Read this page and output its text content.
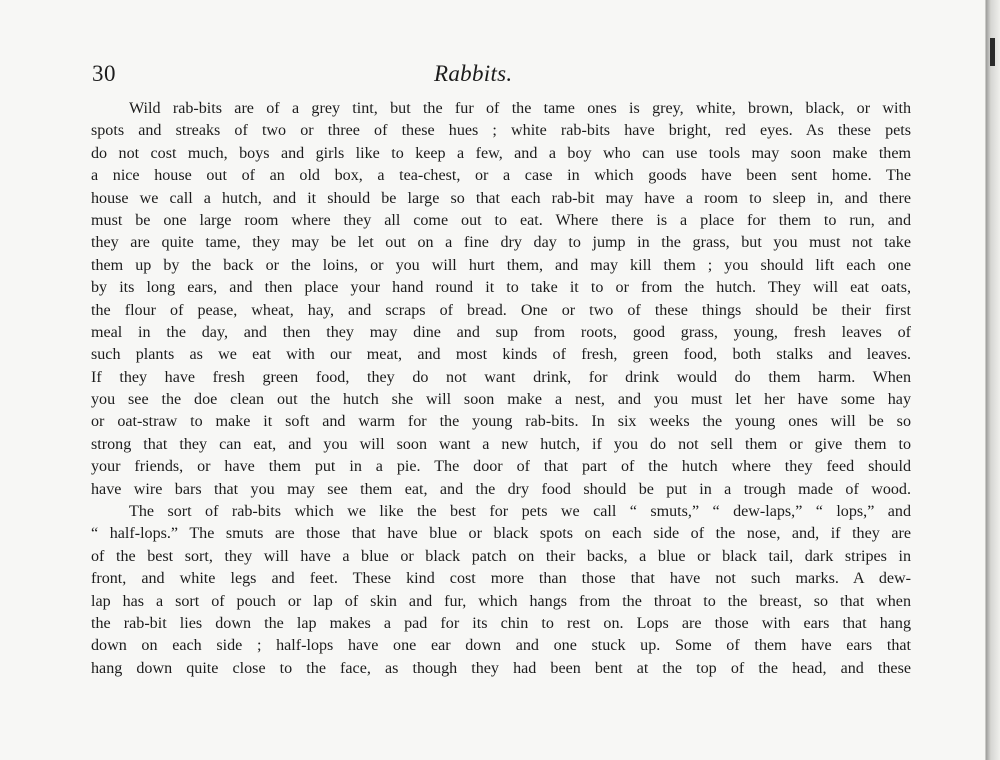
30	Rabbits.
Wild rab-bits are of a grey tint, but the fur of the tame ones is grey, white, brown, black, or with
spots and streaks of two or three of these hues ; white rab-bits have bright, red eyes. As these pets
do not cost much, boys and girls like to keep a few, and a boy who can use tools may soon make them
a nice house out of an old box, a tea-chest, or a case in which goods have been sent home. The
house we call a hutch, and it should be large so that each rab-bit may have a room to sleep in, and there
must be one large room where they all come out to eat. Where there is a place for them to run, and
they are quite tame, they may be let out on a fine dry day to jump in the grass, but you must not take
them up by the back or the loins, or you will hurt them, and may kill them ; you should lift each one
by its long ears, and then place your hand round it to take it to or from the hutch. They will eat oats,
the flour of pease, wheat, hay, and scraps of bread. One or two of these things should be their first
meal in the day, and then they may dine and sup from roots, good grass, young, fresh leaves of
such plants as we eat with our meat, and most kinds of fresh, green food, both stalks and leaves.
If they have fresh green food, they do not want drink, for drink would do them harm. When
you see the doe clean out the hutch she will soon make a nest, and you must let her have some hay
or oat-straw to make it soft and warm for the young rab-bits. In six weeks the young ones will be so
strong that they can eat, and you will soon want a new hutch, if you do not sell them or give them to
your friends, or have them put in a pie. The door of that part of the hutch where they feed should
have wire bars that you may see them eat, and the dry food should be put in a trough made of wood.
The sort of rab-bits which we like the best for pets we call “ smuts,” “ dew-laps,” “ lops,” and
“ half-lops.” The smuts are those that have blue or black spots on each side of the nose, and, if they are
of the best sort, they will have a blue or black patch on their backs, a blue or black tail, dark stripes in
front, and white legs and feet. These kind cost more than those that have not such marks. A dew-
lap has a sort of pouch or lap of skin and fur, which hangs from the throat to the breast, so that when
the rab-bit lies down the lap makes a pad for its chin to rest on. Lops are those with ears that hang
down on each side ; half-lops have one ear down and one stuck up. Some of them have ears that
hang down quite close to the face, as though they had been bent at the top of the head, and these
